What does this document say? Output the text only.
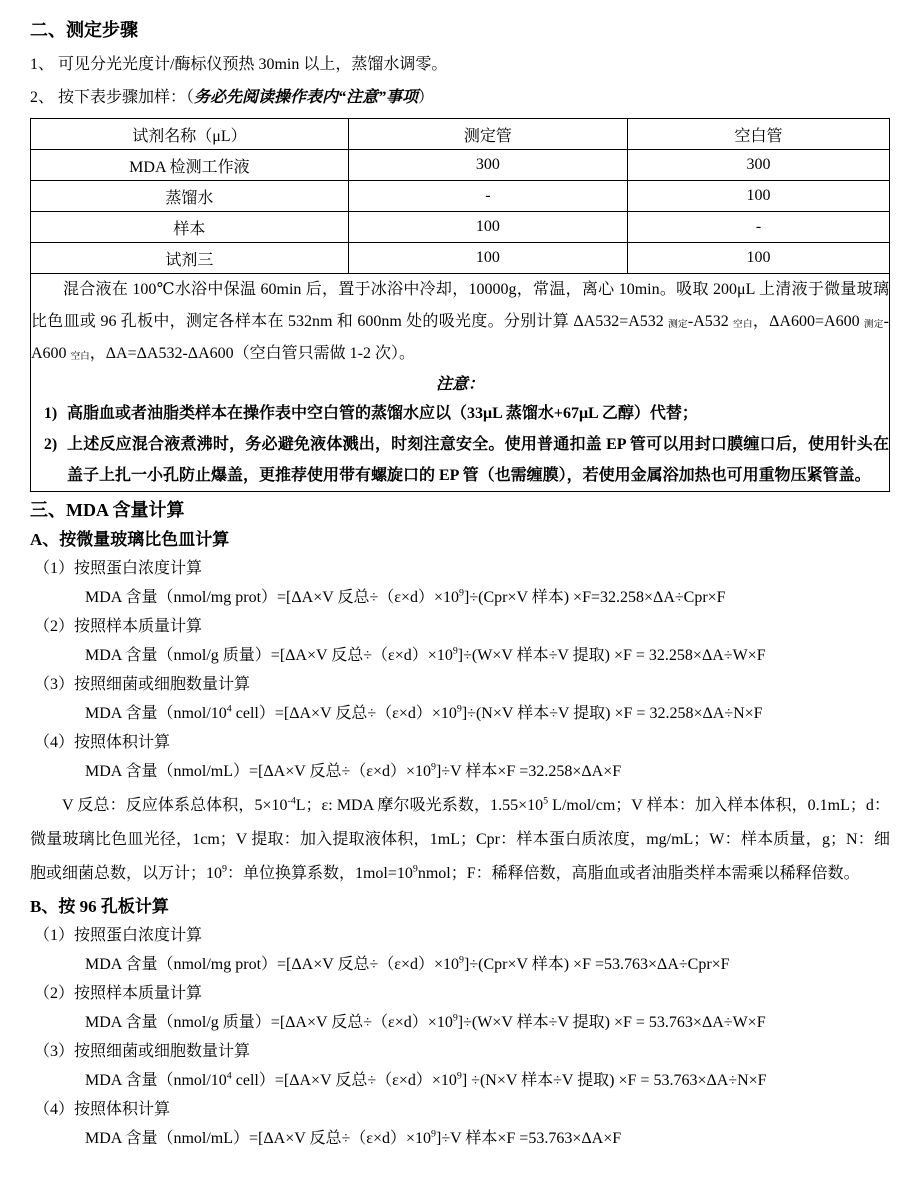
二、测定步骤
1、 可见分光光度计/酶标仪预热 30min 以上，蒸馏水调零。
2、 按下表步骤加样：（务必先阅读操作表内“注意”事项）
试剂名称（μL）	测定管	空白管
MDA 检测工作液	300	300
蒸馏水	-	100
样本	100	-
试剂三	100	100

混合液在 100℃水浴中保温 60min 后，置于冰浴中冷却，10000g，常温，离心 10min。吸取 200μL 上清液于微量玻璃比色皿或 96 孔板中，测定各样本在 532nm 和 600nm 处的吸光度。分别计算 ΔA532=A532 测定-A532 空白，ΔA600=A600 测定-A600 空白，ΔA=ΔA532-ΔA600（空白管只需做 1-2 次）。

注意：
1) 高脂血或者油脂类样本在操作表中空白管的蒸馏水应以（33μL 蒸馏水+67μL 乙醇）代替；
2) 上述反应混合液煮沸时，务必避免液体溅出，时刻注意安全。使用普通扣盖 EP 管可以用封口膜缠口后，使用针头在盖子上扎一小孔防止爆盖，更推荐使用带有螺旋口的 EP 管（也需缠膜），若使用金属浴加热也可用重物压紧管盖。
三、MDA 含量计算
A、按微量玻璃比色皿计算
（1）按照蛋白浓度计算
MDA 含量（nmol/mg prot）=[ΔA×V 反总$\div(\varepsilon\times d)\times 10^9]\div(Cpr\times V$ 样本) ×F=32.258×ΔA÷Cpr×F
（2）按照样本质量计算
MDA 含量（nmol/g 质量）=[ΔA×V 反总$\div(\varepsilon\times d)\times 10^9]\div(W\times V$ 样本÷V 提取) ×F = 32.258×ΔA÷W×F
（3）按照细菌或细胞数量计算
MDA 含量（$nmol/10^4$ cell）=[ΔA×V 反总$\div(\varepsilon\times d)\times 10^9]\div(N\times V$ 样本÷V 提取) ×F = 32.258×ΔA÷N×F
（4）按照体积计算
MDA 含量（nmol/mL）=[ΔA×V 反总$\div(\varepsilon\times d)\times 10^9]\div V$ 样本×F =32.258×ΔA×F

V 反总：反应体系总体积，$5\times 10^{-4}L$；ε: MDA 摩尔吸光系数，$1.55\times 10^5$ L/mol/cm；V 样本：加入样本体积，0.1mL；d：微量玻璃比色皿光径，1cm；V 提取：加入提取液体积，1mL；Cpr：样本蛋白质浓度，mg/mL；W：样本质量，g；N：细胞或细菌总数，以万计；$10^9$：单位换算系数，$1mol=10^9nmol$；F：稀释倍数，高脂血或者油脂类样本需乘以稀释倍数。

B、按 96 孔板计算
（1）按照蛋白浓度计算
MDA 含量（nmol/mg prot）=[ΔA×V 反总$\div(\varepsilon\times d)\times 10^9]\div(Cpr\times V$ 样本) ×F =53.763×ΔA÷Cpr×F
（2）按照样本质量计算
MDA 含量（nmol/g 质量）=[ΔA×V 反总$\div(\varepsilon\times d)\times 10^9]\div(W\times V$ 样本÷V 提取) ×F = 53.763×ΔA÷W×F
（3）按照细菌或细胞数量计算
MDA 含量（$nmol/10^4$ cell）=[ΔA×V 反总$\div(\varepsilon\times d)\times 10^9] \div(N\times V$ 样本÷V 提取) ×F = 53.763×ΔA÷N×F
（4）按照体积计算
MDA 含量（nmol/mL）=[ΔA×V 反总$\div(\varepsilon\times d)\times 10^9]\div V$ 样本×F =53.763×ΔA×F
